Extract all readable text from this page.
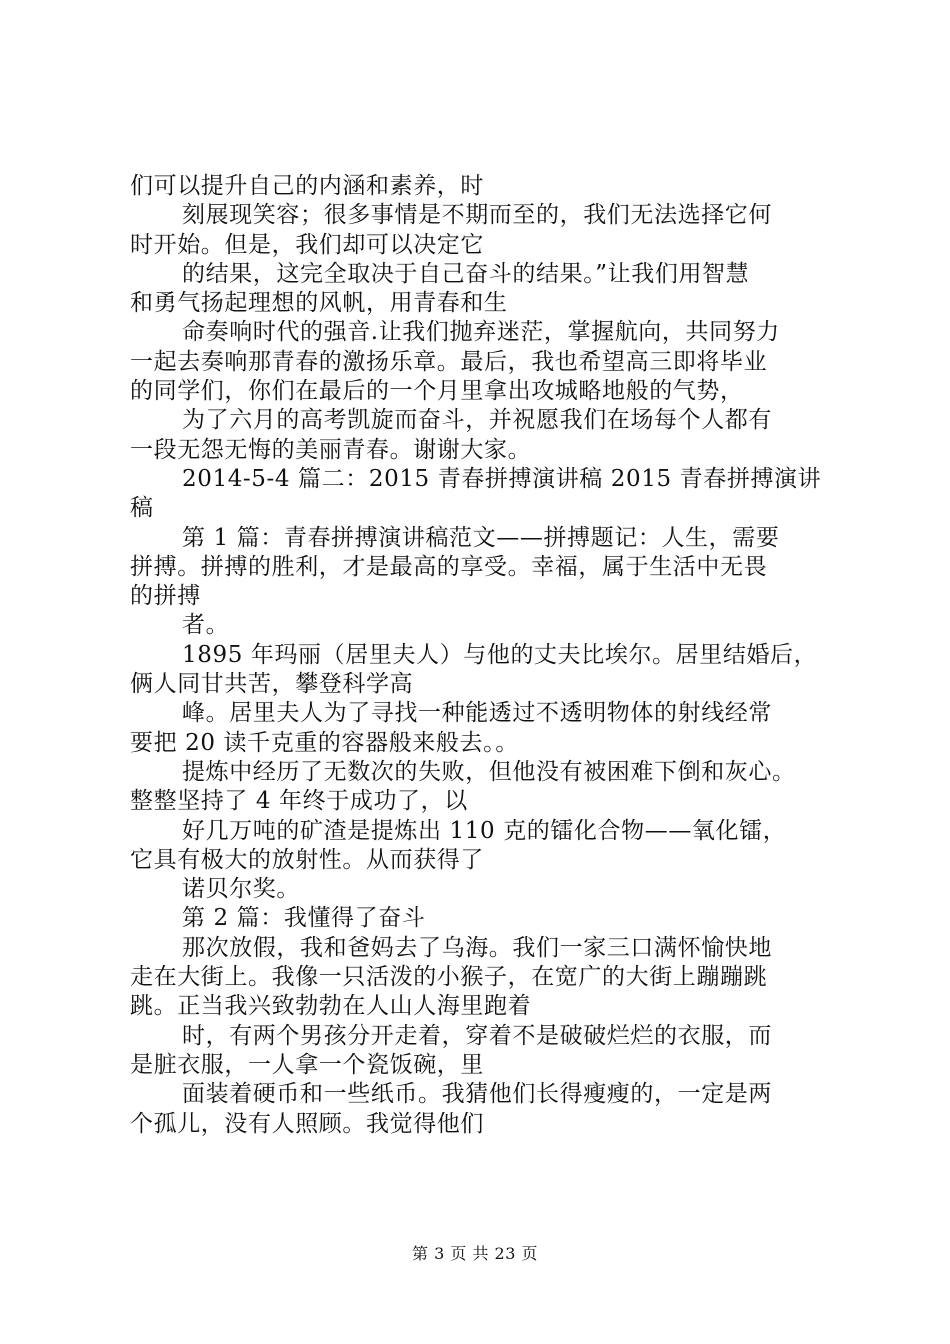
们可以提升自己的内涵和素养，时
刻展现笑容；很多事情是不期而至的，我们无法选择它何
时开始。但是，我们却可以决定它
的结果，这完全取决于自己奋斗的结果。”让我们用智慧
和勇气扬起理想的风帆，用青春和生
命奏响时代的强音.让我们抛弃迷茫，掌握航向，共同努力
一起去奏响那青春的激扬乐章。最后，我也希望高三即将毕业
的同学们，你们在最后的一个月里拿出攻城略地般的气势，
为了六月的高考凯旋而奋斗，并祝愿我们在场每个人都有
一段无怨无悔的美丽青春。谢谢大家。
2014-5-4 篇二：2015 青春拼搏演讲稿 2015 青春拼搏演讲
稿
第 1 篇：青春拼搏演讲稿范文——拼搏题记：人生，需要
拼搏。拼搏的胜利，才是最高的享受。幸福，属于生活中无畏
的拼搏
者。
1895 年玛丽（居里夫人）与他的丈夫比埃尔。居里结婚后，
俩人同甘共苦，攀登科学高
峰。居里夫人为了寻找一种能透过不透明物体的射线经常
要把 20 读千克重的容器般来般去。。
提炼中经历了无数次的失败，但他没有被困难下倒和灰心。
整整坚持了 4 年终于成功了，以
好几万吨的矿渣是提炼出 110 克的镭化合物——氧化镭，
它具有极大的放射性。从而获得了
诺贝尔奖。
第 2 篇：我懂得了奋斗
那次放假，我和爸妈去了乌海。我们一家三口满怀愉快地
走在大街上。我像一只活泼的小猴子，在宽广的大街上蹦蹦跳
跳。正当我兴致勃勃在人山人海里跑着
时，有两个男孩分开走着，穿着不是破破烂烂的衣服，而
是脏衣服，一人拿一个瓷饭碗，里
面装着硬币和一些纸币。我猜他们长得瘦瘦的，一定是两
个孤儿，没有人照顾。我觉得他们
第 3 页 共 23 页
